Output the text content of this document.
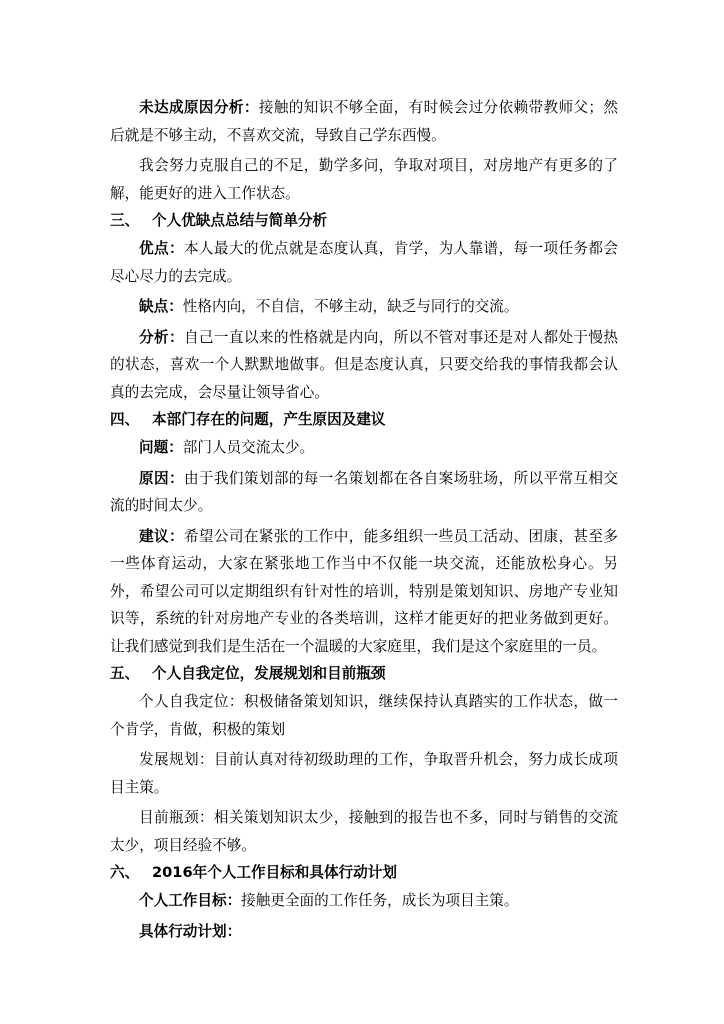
未达成原因分析：接触的知识不够全面，有时候会过分依赖带教师父；然后就是不够主动，不喜欢交流，导致自己学东西慢。

我会努力克服自己的不足，勤学多问，争取对项目，对房地产有更多的了解，能更好的进入工作状态。

三、 个人优缺点总结与简单分析

优点：本人最大的优点就是态度认真，肯学，为人靠谱，每一项任务都会尽心尽力的去完成。

缺点：性格内向，不自信，不够主动，缺乏与同行的交流。

分析：自己一直以来的性格就是内向，所以不管对事还是对人都处于慢热的状态，喜欢一个人默默地做事。但是态度认真，只要交给我的事情我都会认真的去完成，会尽量让领导省心。

四、 本部门存在的问题，产生原因及建议

问题：部门人员交流太少。

原因：由于我们策划部的每一名策划都在各自案场驻场，所以平常互相交流的时间太少。

建议：希望公司在紧张的工作中，能多组织一些员工活动、团康，甚至多一些体育运动，大家在紧张地工作当中不仅能一块交流，还能放松身心。另外，希望公司可以定期组织有针对性的培训，特别是策划知识、房地产专业知识等，系统的针对房地产专业的各类培训，这样才能更好的把业务做到更好。让我们感觉到我们是生活在一个温暖的大家庭里，我们是这个家庭里的一员。

五、 个人自我定位，发展规划和目前瓶颈

个人自我定位：积极储备策划知识，继续保持认真踏实的工作状态，做一个肯学，肯做，积极的策划

发展规划：目前认真对待初级助理的工作，争取晋升机会，努力成长成项目主策。

目前瓶颈：相关策划知识太少，接触到的报告也不多，同时与销售的交流太少，项目经验不够。

六、 2016年个人工作目标和具体行动计划

个人工作目标：接触更全面的工作任务，成长为项目主策。

具体行动计划：
